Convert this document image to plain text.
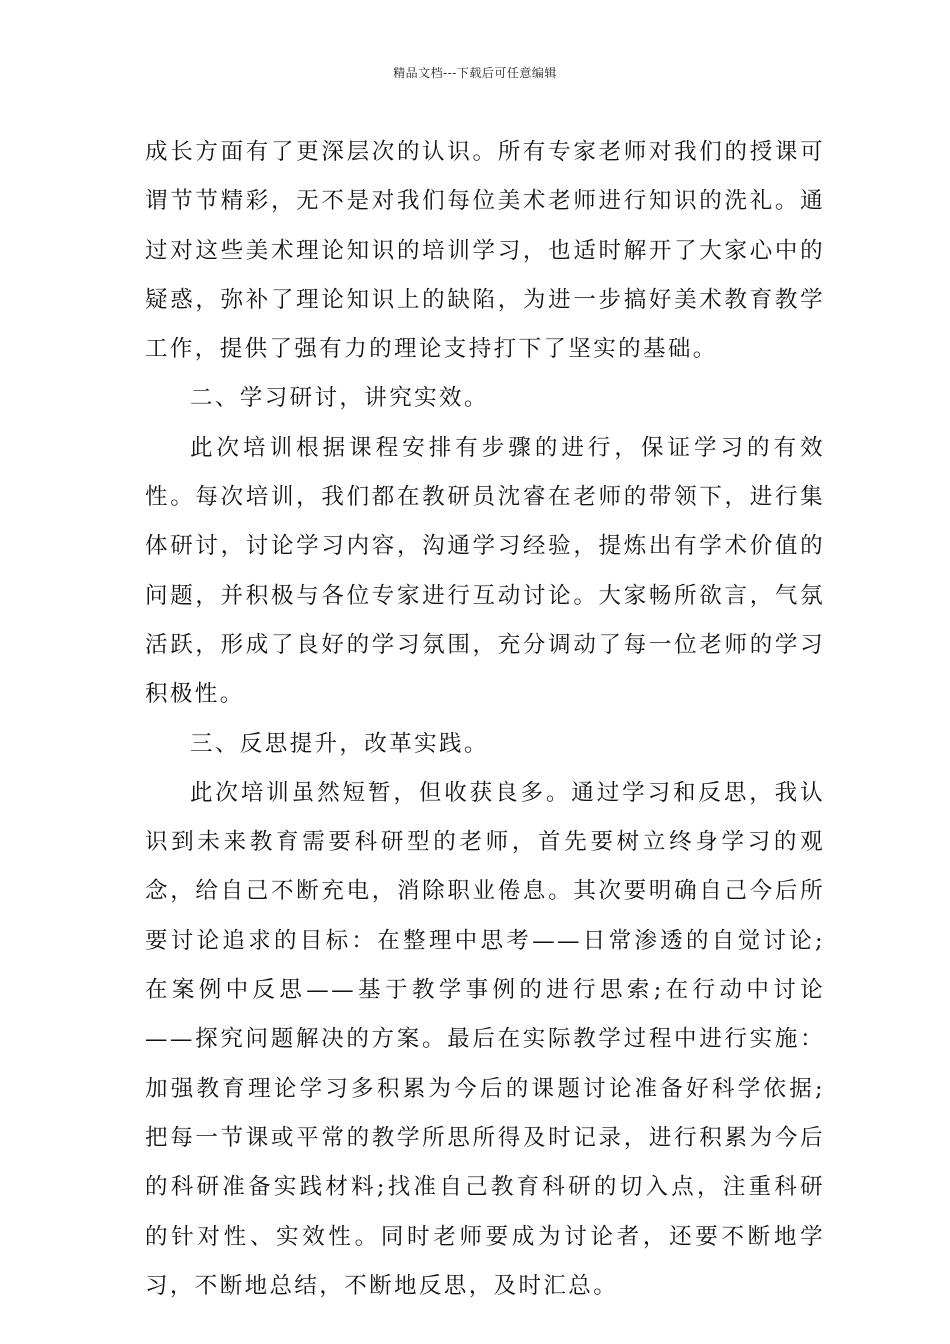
精品文档---下载后可任意编辑

成长方面有了更深层次的认识。所有专家老师对我们的授课可谓节节精彩，无不是对我们每位美术老师进行知识的洗礼。通过对这些美术理论知识的培训学习，也适时解开了大家心中的疑惑，弥补了理论知识上的缺陷，为进一步搞好美术教育教学工作，提供了强有力的理论支持打下了坚实的基础。

二、学习研讨，讲究实效。

此次培训根据课程安排有步骤的进行，保证学习的有效性。每次培训，我们都在教研员沈睿在老师的带领下，进行集体研讨，讨论学习内容，沟通学习经验，提炼出有学术价值的问题，并积极与各位专家进行互动讨论。大家畅所欲言，气氛活跃，形成了良好的学习氛围，充分调动了每一位老师的学习积极性。

三、反思提升，改革实践。

此次培训虽然短暂，但收获良多。通过学习和反思，我认识到未来教育需要科研型的老师，首先要树立终身学习的观念，给自己不断充电，消除职业倦息。其次要明确自己今后所要讨论追求的目标：在整理中思考——日常渗透的自觉讨论;在案例中反思——基于教学事例的进行思索;在行动中讨论——探究问题解决的方案。最后在实际教学过程中进行实施：加强教育理论学习多积累为今后的课题讨论准备好科学依据;把每一节课或平常的教学所思所得及时记录，进行积累为今后的科研准备实践材料;找准自己教育科研的切入点，注重科研的针对性、实效性。同时老师要成为讨论者，还要不断地学习，不断地总结，不断地反思，及时汇总。
